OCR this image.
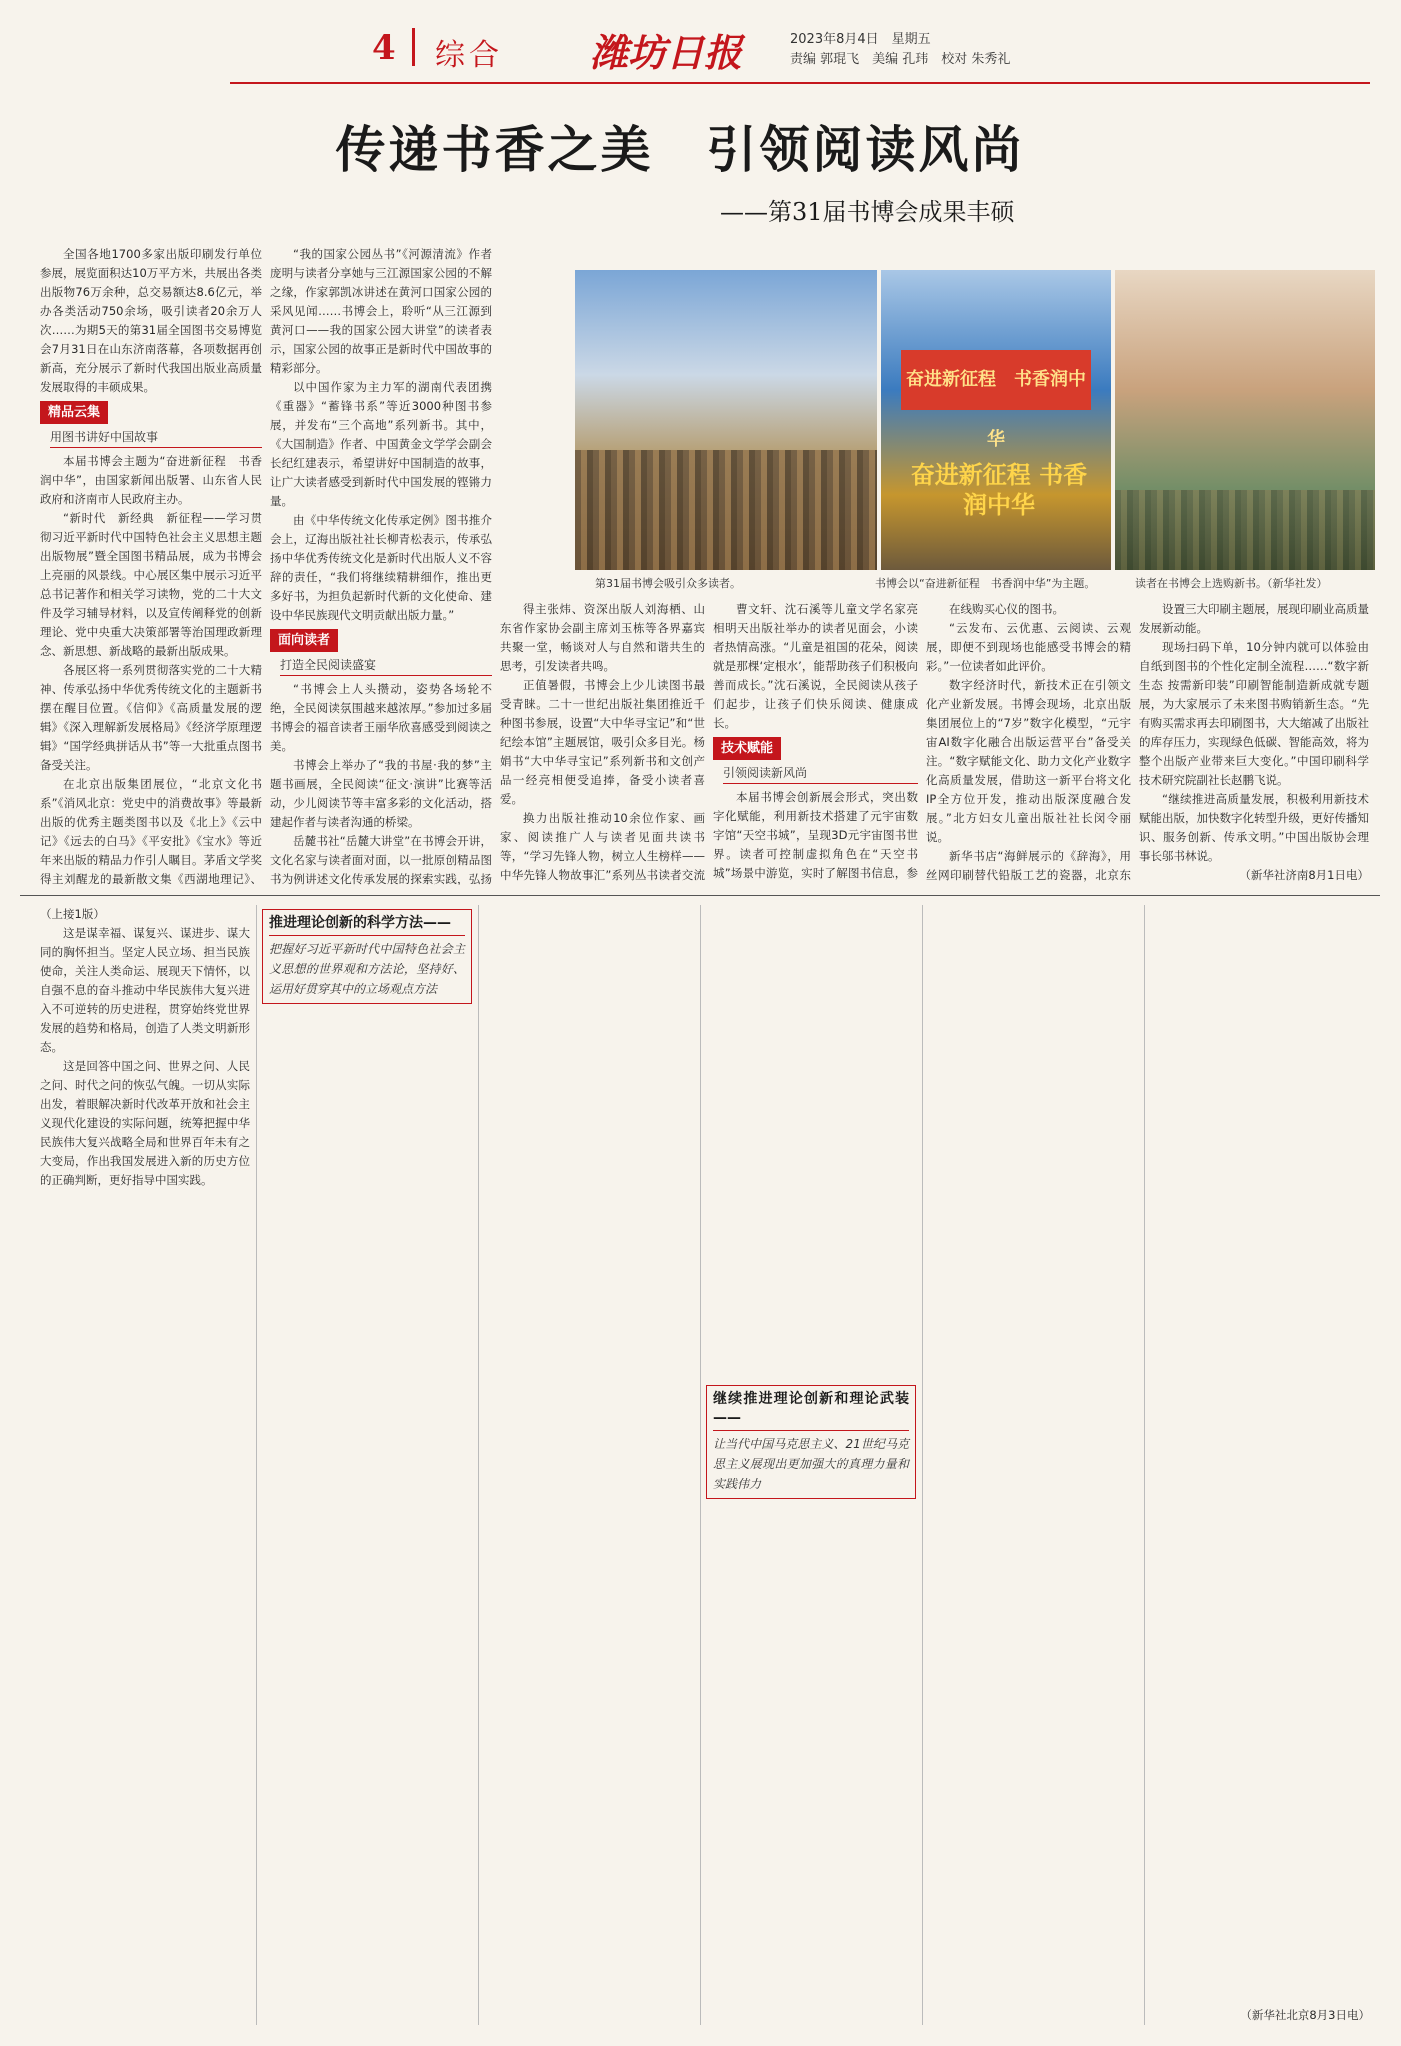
4 综合 潍坊日报	2023年8月4日　星期五
责编 郭琨飞　美编 孔玮　校对 朱秀礼
传递书香之美　引领阅读风尚
——第31届书博会成果丰硕

全国各地1700多家出版印刷发行单位参展，展览面积达10万平方米，共展出各类出版物76万余种，总交易额达8.6亿元，举办各类活动750余场，吸引读者20余万人次……为期5天的第31届全国图书交易博览会7月31日在山东济南落幕，各项数据再创新高，充分展示了新时代我国出版业高质量发展取得的丰硕成果。

精品云集
用图书讲好中国故事

本届书博会主题为“奋进新征程　书香润中华”，由国家新闻出版署、山东省人民政府和济南市人民政府主办。

“新时代　新经典　新征程——学习贯彻习近平新时代中国特色社会主义思想主题出版物展”暨全国图书精品展，成为书博会上亮丽的风景线。中心展区集中展示习近平总书记著作和相关学习读物，党的二十大文件及学习辅导材料，以及宣传阐释党的创新理论、党中央重大决策部署等治国理政新理念、新思想、新战略的最新出版成果。

各展区将一系列贯彻落实党的二十大精神、传承弘扬中华优秀传统文化的主题新书摆在醒目位置。《信仰》《高质量发展的逻辑》《深入理解新发展格局》《经济学原理逻辑》“国学经典拼话从书”等一大批重点图书备受关注。

在北京出版集团展位，“北京文化书系”《消风北京：党史中的消费故事》等最新出版的优秀主题类图书以及《北上》《云中记》《远去的白马》《平安批》《宝水》等近年来出版的精品力作引人瞩目。茅盾文学奖得主刘醒龙的最新散文集《西湖地理记》、

“我的国家公园丛书”《河源清流》作者庞明与读者分享她与三江源国家公园的不解之缘，作家郭凯冰讲述在黄河口国家公园的采风见闻……书博会上，聆听“从三江源到黄河口——我的国家公园大讲堂”的读者表示，国家公园的故事正是新时代中国故事的精彩部分。

以中国作家为主力军的湖南代表团携《重器》“蓄锋书系”等近3000种图书参展，并发布“三个高地”系列新书。其中，《大国制造》作者、中国黄金文学学会副会长纪红建表示，希望讲好中国制造的故事，让广大读者感受到新时代中国发展的铿锵力量。

由《中华传统文化传承定例》图书推介会上，辽海出版社社长柳青松表示，传承弘扬中华优秀传统文化是新时代出版人义不容辞的责任，“我们将继续精耕细作，推出更多好书，为担负起新时代新的文化使命、建设中华民族现代文明贡献出版力量。”

面向读者
打造全民阅读盛宴

“书博会上人头攒动，姿势各场轮不绝，全民阅读氛围越来越浓厚。”参加过多届书博会的福音读者王丽华欣喜感受到阅读之美。

书博会上举办了“我的书屋·我的梦”主题书画展，全民阅读“征文·演讲”比赛等活动，少儿阅读节等丰富多彩的文化活动，搭建起作者与读者沟通的桥梁。

岳麓书社“岳麓大讲堂”在书博会开讲，文化名家与读者面对面，以一批原创精品图书为例讲述文化传承发展的探索实践，弘扬

奋进新征程　书香润中华
奋进新征程 书香润中华
第31届书博会吸引众多读者。	书博会以“奋进新征程　书香润中华”为主题。	读者在书博会上选购新书。（新华社发）

得主张炜、资深出版人刘海栖、山东省作家协会副主席刘玉栋等各界嘉宾共聚一堂，畅谈对人与自然和谐共生的思考，引发读者共鸣。

正值暑假，书博会上少儿读图书最受青睐。二十一世纪出版社集团推近千种图书参展，设置“大中华寻宝记”和“世纪绘本馆”主题展馆，吸引众多目光。杨娟书“大中华寻宝记”系列新书和文创产品一经亮相便受追捧，备受小读者喜爱。

换力出版社推动10余位作家、画家、阅读推广人与读者见面共读书等，“学习先锋人物，树立人生榜样——中华先锋人物故事汇”系列丛书读者交流

曹文轩、沈石溪等儿童文学名家亮相明天出版社举办的读者见面会，小读者热情高涨。“儿童是祖国的花朵，阅读就是那棵‘定根水’，能帮助孩子们积极向善而成长。”沈石溪说，全民阅读从孩子们起步，让孩子们快乐阅读、健康成长。

技术赋能
引领阅读新风尚

本届书博会创新展会形式，突出数字化赋能，利用新技术搭建了元宇宙数字馆“天空书城”，呈现3D元宇宙图书世界。读者可控制虚拟角色在“天空书城”场景中游览，实时了解图书信息，参

在线购买心仪的图书。

“云发布、云优惠、云阅读、云观展，即便不到现场也能感受书博会的精彩。”一位读者如此评价。

数字经济时代，新技术正在引领文化产业新发展。书博会现场，北京出版集团展位上的“7岁”数字化模型，“元宇宙AI数字化融合出版运营平台”备受关注。“数字赋能文化、助力文化产业数字化高质量发展，借助这一新平台将文化IP全方位开发，推动出版深度融合发展。”北方妇女儿童出版社社长闵令丽说。

新华书店“海鲜展示的《辞海》，用丝网印刷替代铅版工艺的瓷器，北京东

设置三大印刷主题展，展现印刷业高质量发展新动能。

现场扫码下单，10分钟内就可以体验由自纸到图书的个性化定制全流程……“数字新生态 按需新印装”印刷智能制造新成就专题展，为大家展示了未来图书购销新生态。“先有购买需求再去印刷图书，大大缩减了出版社的库存压力，实现绿色低碳、智能高效，将为整个出版产业带来巨大变化。”中国印刷科学技术研究院副社长赵鹏飞说。

“继续推进高质量发展，积极利用新技术赋能出版，加快数字化转型升级，更好传播知识、服务创新、传承文明。”中国出版协会理事长邬书林说。

（新华社济南8月1日电）
（上接1版）

这是谋幸福、谋复兴、谋进步、谋大同的胸怀担当。坚定人民立场、担当民族使命，关注人类命运、展现天下情怀，以自强不息的奋斗推动中华民族伟大复兴进入不可逆转的历史进程，贯穿始终党世界发展的趋势和格局，创造了人类文明新形态。

这是回答中国之问、世界之问、人民之问、时代之问的恢弘气魄。一切从实际出发，着眼解决新时代改革开放和社会主义现代化建设的实际问题，统筹把握中华民族伟大复兴战略全局和世界百年未有之大变局，作出我国发展进入新的历史方位的正确判断，更好指导中国实践。

推进理论创新的科学方法——
把握好习近平新时代中国特色社会主义思想的世界观和方法论，坚持好、运用好贯穿其中的立场观点方法
继续推进理论创新和理论武装——
让当代中国马克思主义、21世纪马克思主义展现出更加强大的真理力量和实践伟力
（新华社北京8月3日电）
